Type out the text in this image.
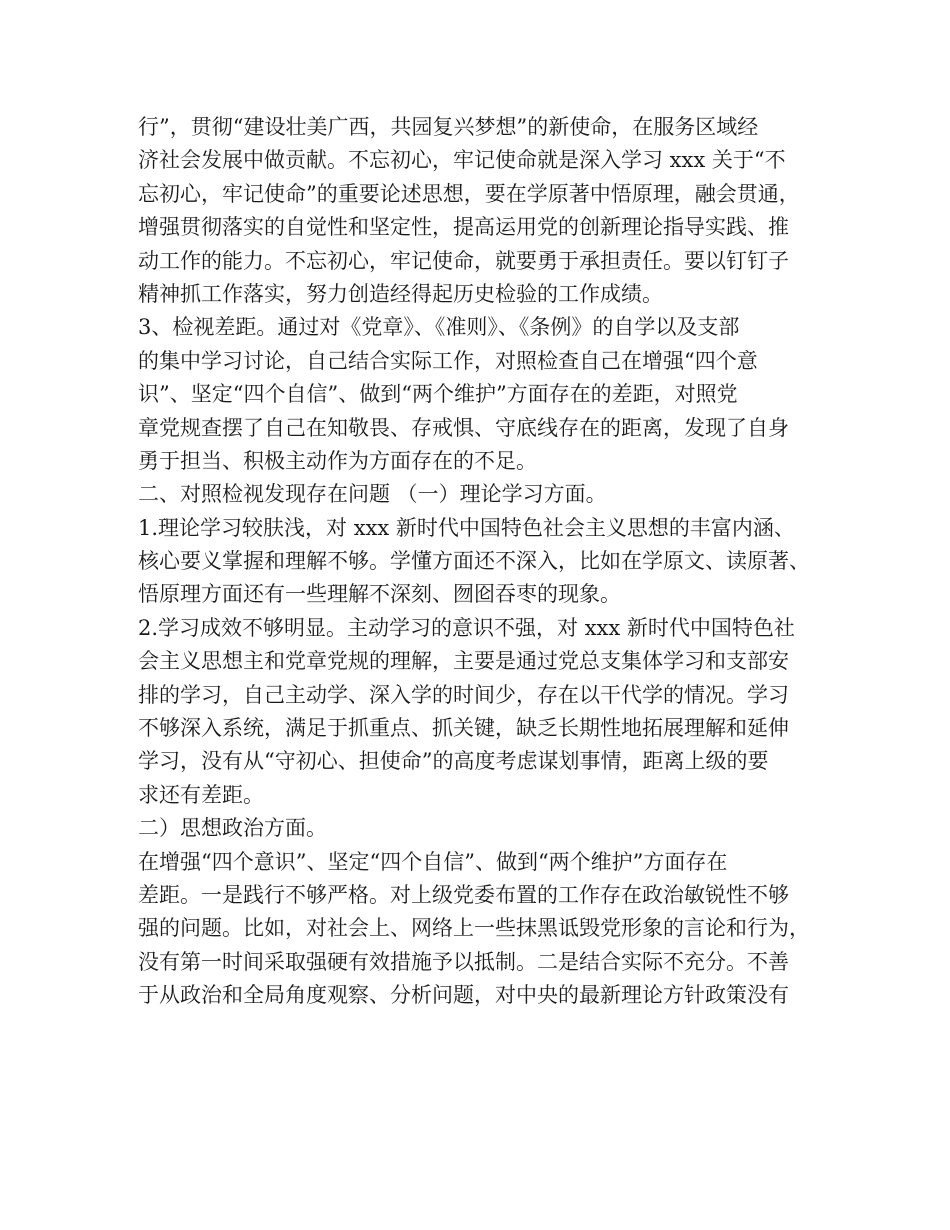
行”，贯彻“建设壮美广西，共园复兴梦想”的新使命，在服务区域经
济社会发展中做贡献。不忘初心，牢记使命就是深入学习 xxx 关于“不
忘初心，牢记使命”的重要论述思想，要在学原著中悟原理，融会贯通，
增强贯彻落实的自觉性和坚定性，提高运用党的创新理论指导实践、推
动工作的能力。不忘初心，牢记使命，就要勇于承担责任。要以钉钉子
精神抓工作落实，努力创造经得起历史检验的工作成绩。
3、检视差距。通过对《党章》、《准则》、《条例》的自学以及支部
的集中学习讨论，自己结合实际工作，对照检查自己在增强“四个意
识”、坚定“四个自信”、做到“两个维护”方面存在的差距，对照党
章党规查摆了自己在知敬畏、存戒惧、守底线存在的距离，发现了自身
勇于担当、积极主动作为方面存在的不足。
二、对照检视发现存在问题 （一）理论学习方面。
1.理论学习较肤浅，对 xxx 新时代中国特色社会主义思想的丰富内涵、
核心要义掌握和理解不够。学懂方面还不深入，比如在学原文、读原著、
悟原理方面还有一些理解不深刻、囫囵吞枣的现象。
2.学习成效不够明显。主动学习的意识不强，对 xxx 新时代中国特色社
会主义思想主和党章党规的理解，主要是通过党总支集体学习和支部安
排的学习，自己主动学、深入学的时间少，存在以干代学的情况。学习
不够深入系统，满足于抓重点、抓关键，缺乏长期性地拓展理解和延伸
学习，没有从“守初心、担使命”的高度考虑谋划事情，距离上级的要
求还有差距。
二）思想政治方面。
在增强“四个意识”、坚定“四个自信”、做到“两个维护”方面存在
差距。一是践行不够严格。对上级党委布置的工作存在政治敏锐性不够
强的问题。比如，对社会上、网络上一些抹黑诋毁党形象的言论和行为，
没有第一时间采取强硬有效措施予以抵制。二是结合实际不充分。不善
于从政治和全局角度观察、分析问题，对中央的最新理论方针政策没有
